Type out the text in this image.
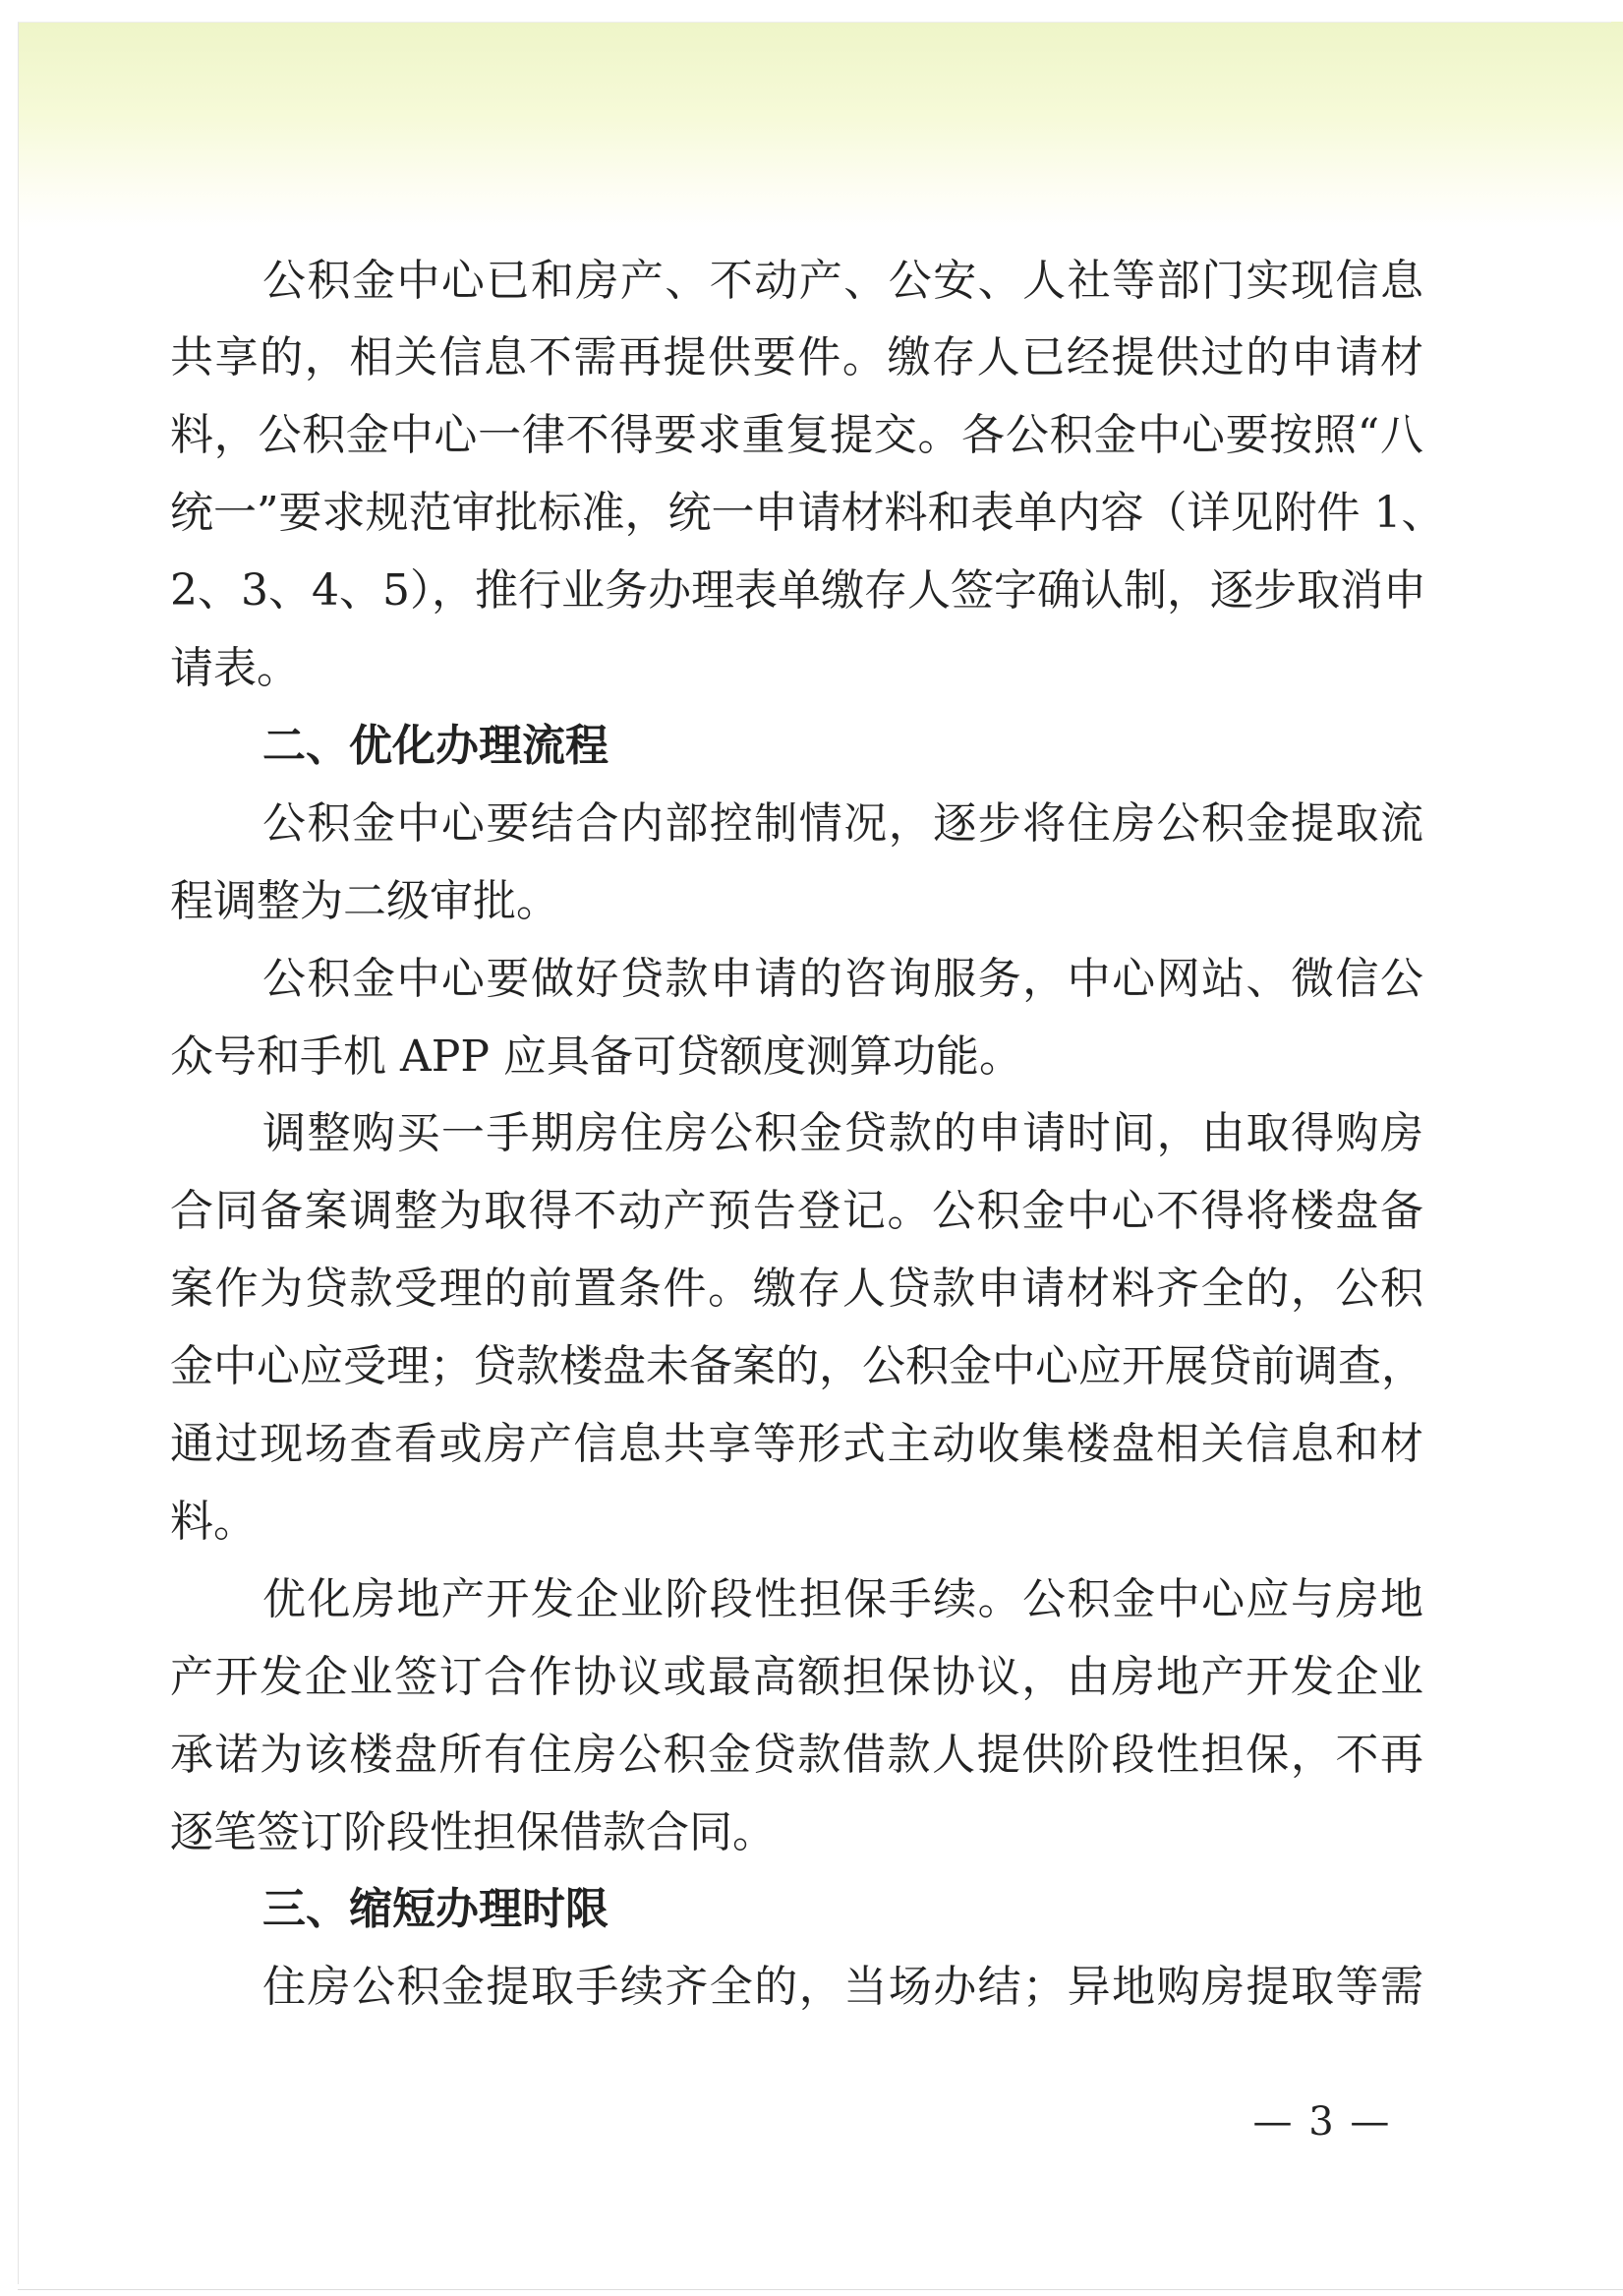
公积金中心已和房产、不动产、公安、人社等部门实现信息
共享的，相关信息不需再提供要件。缴存人已经提供过的申请材
料，公积金中心一律不得要求重复提交。各公积金中心要按照“八
统一”要求规范审批标准，统一申请材料和表单内容（详见附件 1、
2、3、4、5），推行业务办理表单缴存人签字确认制，逐步取消申
请表。
二、优化办理流程
公积金中心要结合内部控制情况，逐步将住房公积金提取流
程调整为二级审批。
公积金中心要做好贷款申请的咨询服务，中心网站、微信公
众号和手机 APP 应具备可贷额度测算功能。
调整购买一手期房住房公积金贷款的申请时间，由取得购房
合同备案调整为取得不动产预告登记。公积金中心不得将楼盘备
案作为贷款受理的前置条件。缴存人贷款申请材料齐全的，公积
金中心应受理；贷款楼盘未备案的，公积金中心应开展贷前调查，
通过现场查看或房产信息共享等形式主动收集楼盘相关信息和材
料。
优化房地产开发企业阶段性担保手续。公积金中心应与房地
产开发企业签订合作协议或最高额担保协议，由房地产开发企业
承诺为该楼盘所有住房公积金贷款借款人提供阶段性担保，不再
逐笔签订阶段性担保借款合同。
三、缩短办理时限
住房公积金提取手续齐全的，当场办结；异地购房提取等需
— 3 —
